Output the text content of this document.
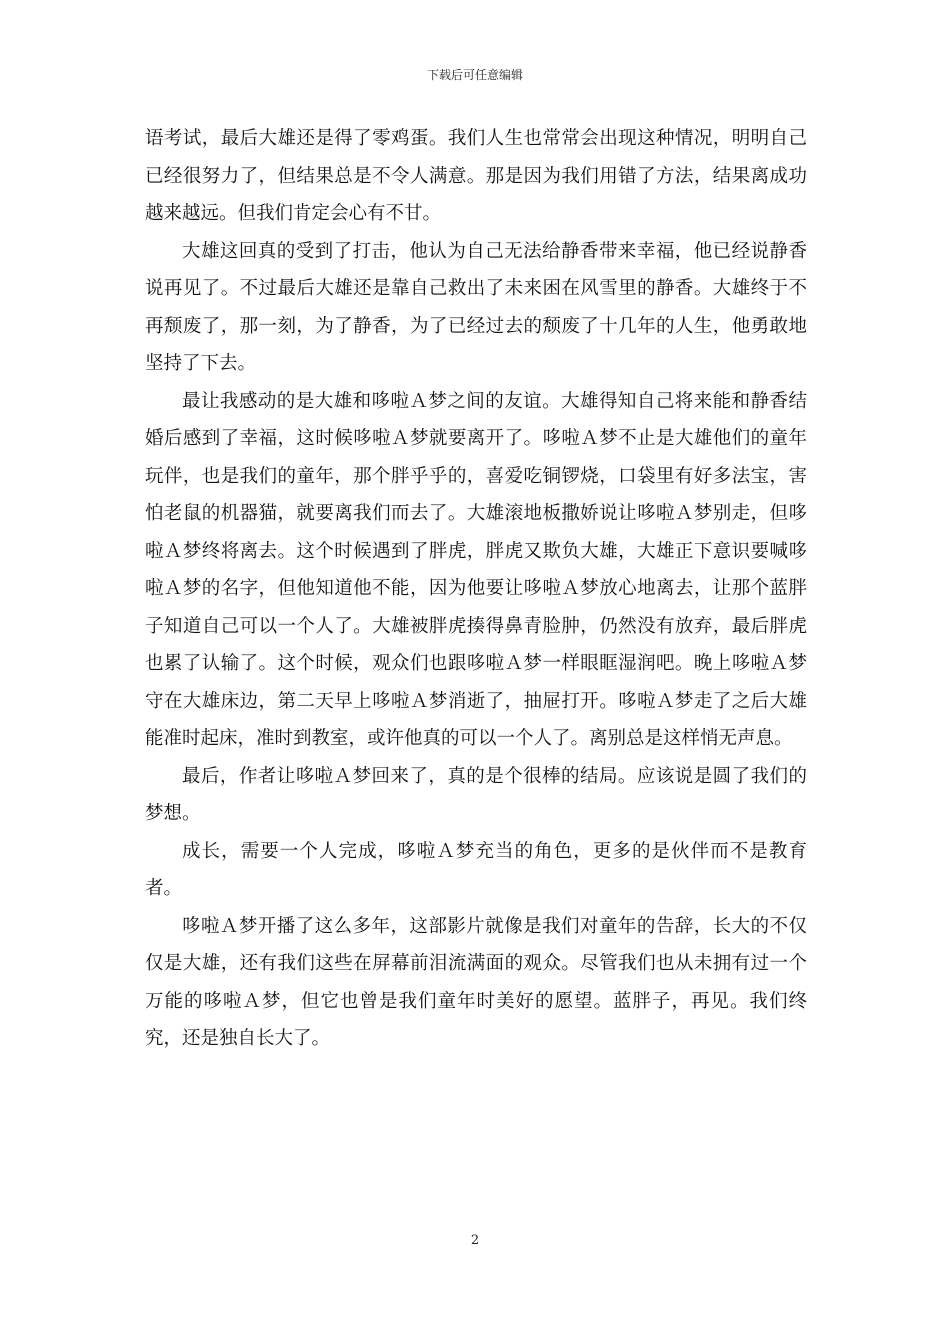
下载后可任意编辑

语考试，最后大雄还是得了零鸡蛋。我们人生也常常会出现这种情况，明明自己已经很努力了，但结果总是不令人满意。那是因为我们用错了方法，结果离成功越来越远。但我们肯定会心有不甘。

大雄这回真的受到了打击，他认为自己无法给静香带来幸福，他已经说静香说再见了。不过最后大雄还是靠自己救出了未来困在风雪里的静香。大雄终于不再颓废了，那一刻，为了静香，为了已经过去的颓废了十几年的人生，他勇敢地坚持了下去。

最让我感动的是大雄和哆啦Ａ梦之间的友谊。大雄得知自己将来能和静香结婚后感到了幸福，这时候哆啦Ａ梦就要离开了。哆啦Ａ梦不止是大雄他们的童年玩伴，也是我们的童年，那个胖乎乎的，喜爱吃铜锣烧，口袋里有好多法宝，害怕老鼠的机器猫，就要离我们而去了。大雄滚地板撒娇说让哆啦Ａ梦别走，但哆啦Ａ梦终将离去。这个时候遇到了胖虎，胖虎又欺负大雄，大雄正下意识要喊哆啦Ａ梦的名字，但他知道他不能，因为他要让哆啦Ａ梦放心地离去，让那个蓝胖子知道自己可以一个人了。大雄被胖虎揍得鼻青脸肿，仍然没有放弃，最后胖虎也累了认输了。这个时候，观众们也跟哆啦Ａ梦一样眼眶湿润吧。晚上哆啦Ａ梦守在大雄床边，第二天早上哆啦Ａ梦消逝了，抽屉打开。哆啦Ａ梦走了之后大雄能准时起床，准时到教室，或许他真的可以一个人了。离别总是这样悄无声息。

最后，作者让哆啦Ａ梦回来了，真的是个很棒的结局。应该说是圆了我们的梦想。

成长，需要一个人完成，哆啦Ａ梦充当的角色，更多的是伙伴而不是教育者。

哆啦Ａ梦开播了这么多年，这部影片就像是我们对童年的告辞，长大的不仅仅是大雄，还有我们这些在屏幕前泪流满面的观众。尽管我们也从未拥有过一个万能的哆啦Ａ梦，但它也曾是我们童年时美好的愿望。蓝胖子，再见。我们终究，还是独自长大了。

2
